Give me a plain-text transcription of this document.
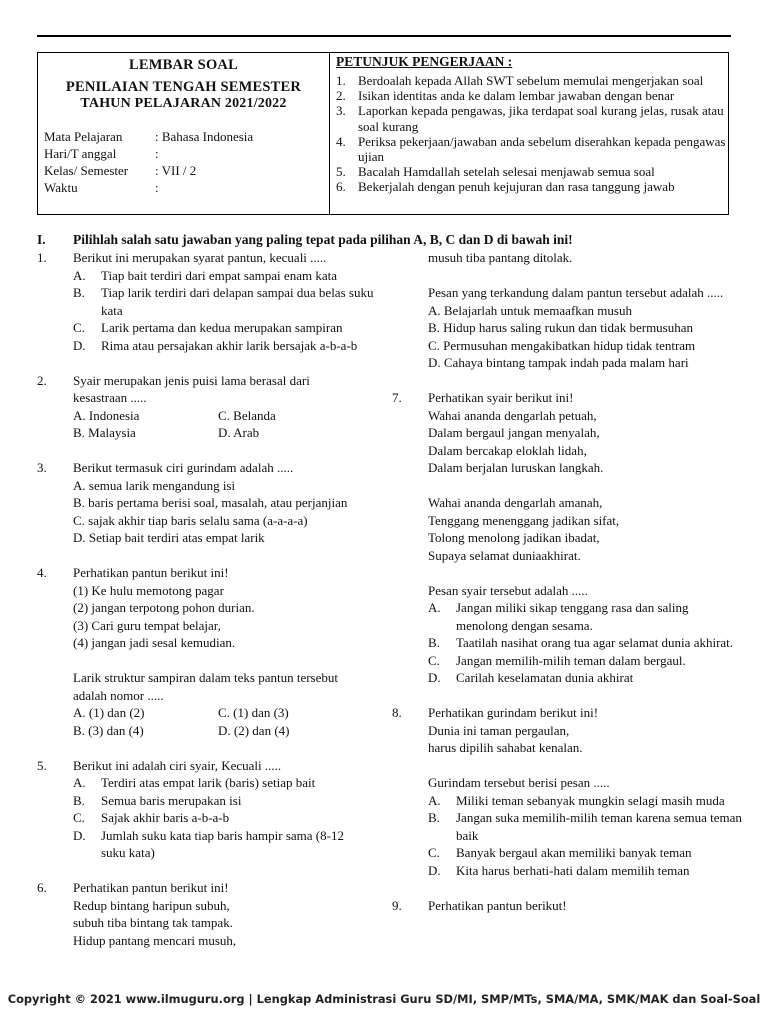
LEMBAR SOAL
PENILAIAN TENGAH SEMESTER
TAHUN PELAJARAN 2021/2022
Mata Pelajaran	: Bahasa Indonesia
Hari/T anggal	:
Kelas/ Semester : VII / 2
Waktu	:
PETUNJUK PENGERJAAN :
1. Berdoalah kepada Allah SWT sebelum memulai mengerjakan soal
2. Isikan identitas anda ke dalam lembar jawaban dengan benar
3. Laporkan kepada pengawas, jika terdapat soal kurang jelas, rusak atau soal kurang
4. Periksa pekerjaan/jawaban anda sebelum diserahkan kepada pengawas ujian
5. Bacalah Hamdallah setelah selesai menjawab semua soal
6. Bekerjalah dengan penuh kejujuran dan rasa tanggung jawab
I. Pilihlah salah satu jawaban yang paling tepat pada pilihan A, B, C dan D di bawah ini!
1. Berikut ini merupakan syarat pantun, kecuali .....
A. Tiap bait terdiri dari empat sampai enam kata
B. Tiap larik terdiri dari delapan sampai dua belas suku kata
C. Larik pertama dan kedua merupakan sampiran
D. Rima atau persajakan akhir larik bersajak a-b-a-b
2. Syair merupakan jenis puisi lama berasal dari kesastraan .....
A. Indonesia	C. Belanda
B. Malaysia	D. Arab
3. Berikut termasuk ciri gurindam adalah .....
A. semua larik mengandung isi
B. baris pertama berisi soal, masalah, atau perjanjian
C. sajak akhir tiap baris selalu sama (a-a-a-a)
D. Setiap bait terdiri atas empat larik
4. Perhatikan pantun berikut ini!
(1) Ke hulu memotong pagar
(2) jangan terpotong pohon durian.
(3) Cari guru tempat belajar,
(4) jangan jadi sesal kemudian.
Larik struktur sampiran dalam teks pantun tersebut adalah nomor .....
A. (1) dan (2)	C. (1) dan (3)
B. (3) dan (4)	D. (2) dan (4)
5. Berikut ini adalah ciri syair, Kecuali .....
A. Terdiri atas empat larik (baris) setiap bait
B. Semua baris merupakan isi
C. Sajak akhir baris a-b-a-b
D. Jumlah suku kata tiap baris hampir sama (8-12 suku kata)
6. Perhatikan pantun berikut ini!
Redup bintang haripun subuh,
subuh tiba bintang tak tampak.
Hidup pantang mencari musuh,
musuh tiba pantang ditolak.
Pesan yang terkandung dalam pantun tersebut adalah .....
A. Belajarlah untuk memaafkan musuh
B. Hidup harus saling rukun dan tidak bermusuhan
C. Permusuhan mengakibatkan hidup tidak tentram
D. Cahaya bintang tampak indah pada malam hari
7. Perhatikan syair berikut ini!
Wahai ananda dengarlah petuah,
Dalam bergaul jangan menyalah,
Dalam bercakap eloklah lidah,
Dalam berjalan luruskan langkah.
Wahai ananda dengarlah amanah,
Tenggang menenggang jadikan sifat,
Tolong menolong jadikan ibadat,
Supaya selamat duniaakhirat.
Pesan syair tersebut adalah .....
A. Jangan miliki sikap tenggang rasa dan saling menolong dengan sesama.
B. Taatilah nasihat orang tua agar selamat dunia akhirat.
C. Jangan memilih-milih teman dalam bergaul.
D. Carilah keselamatan dunia akhirat
8. Perhatikan gurindam berikut ini!
Dunia ini taman pergaulan,
harus dipilih sahabat kenalan.
Gurindam tersebut berisi pesan .....
A. Miliki teman sebanyak mungkin selagi masih muda
B. Jangan suka memilih-milih teman karena semua teman baik
C. Banyak bergaul akan memiliki banyak teman
D. Kita harus berhati-hati dalam memilih teman
9. Perhatikan pantun berikut!
Copyright © 2021 www.ilmuguru.org | Lengkap Administrasi Guru SD/MI, SMP/MTs, SMA/MA, SMK/MAK dan Soal-Soal
